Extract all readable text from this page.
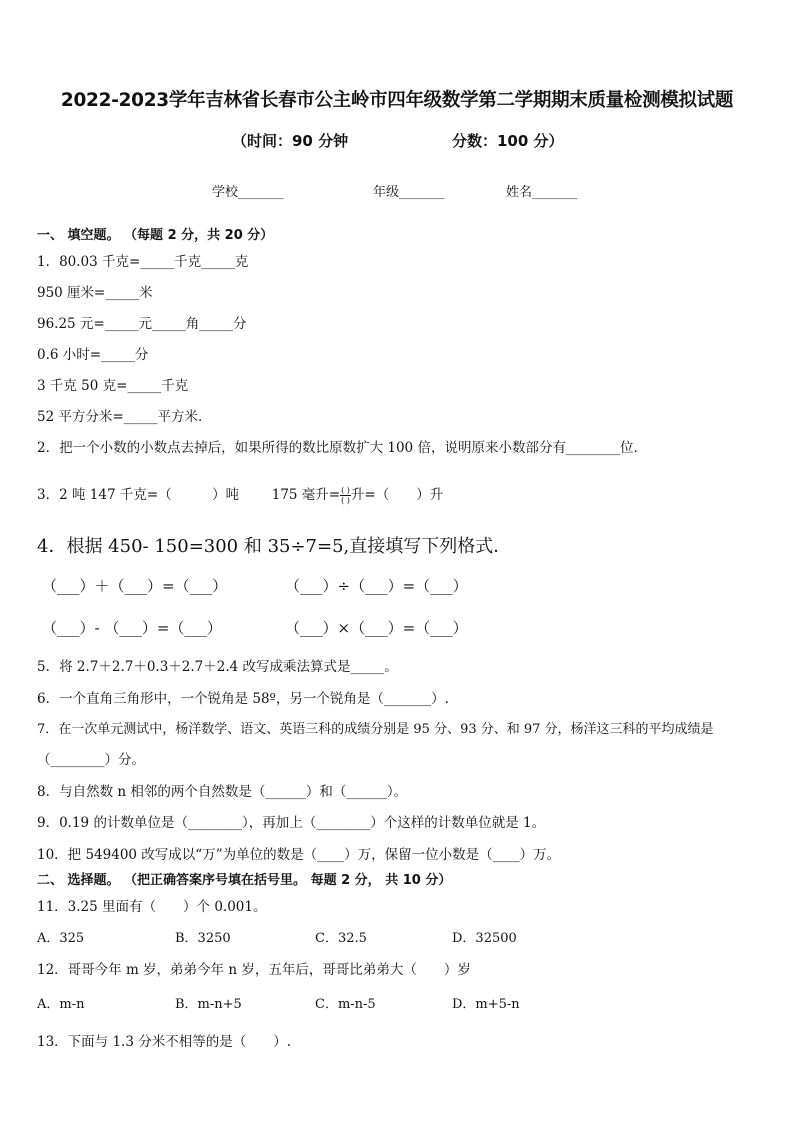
2022-2023学年吉林省长春市公主岭市四年级数学第二学期期末质量检测模拟试题
（时间：90 分钟	分数：100 分）
学校_______	年级_______	姓名_______
一、 填空题。 （每题 2 分，共 20 分）
1．80.03 千克=_____千克_____克
950 厘米=_____米
96.25 元=_____元_____角_____分
0.6 小时=_____分
3 千克 50 克=_____千克
52 平方分米=_____平方米．
2．把一个小数的小数点去掉后，如果所得的数比原数扩大 100 倍，说明原来小数部分有________位．
3．2 吨 147 千克=（　　　）吨 175 毫升= $\frac{( )}{( )}$ 升=（　　）升
4．根据 450- 150=300 和 35÷7=5,直接填写下列格式．
（___）＋（___）=（___）	（___）÷（___）=（___）
（___）- （___）=（___）	（___）×（___）=（___）
5．将 2.7＋2.7＋0.3＋2.7＋2.4 改写成乘法算式是_____。
6．一个直角三角形中，一个锐角是 58º，另一个锐角是（_______）.
7．在一次单元测试中，杨洋数学、语文、英语三科的成绩分别是 95 分、93 分、和 97 分，杨洋这三科的平均成绩是
（________）分。
8．与自然数 n 相邻的两个自然数是（______）和（______）。
9．0.19 的计数单位是（________），再加上（________）个这样的计数单位就是 1。
10．把 549400 改写成以“万”为单位的数是（____）万，保留一位小数是（____）万。
二、 选择题。 （把正确答案序号填在括号里。 每题 2 分， 共 10 分）
11．3.25 里面有（　　）个 0.001。
A．325	B．3250	C．32.5	D．32500
12．哥哥今年 m 岁，弟弟今年 n 岁，五年后，哥哥比弟弟大（　　）岁
A．m-n	B．m-n+5	C．m-n-5	D．m+5-n
13．下面与 1.3 分米不相等的是（　　）.
